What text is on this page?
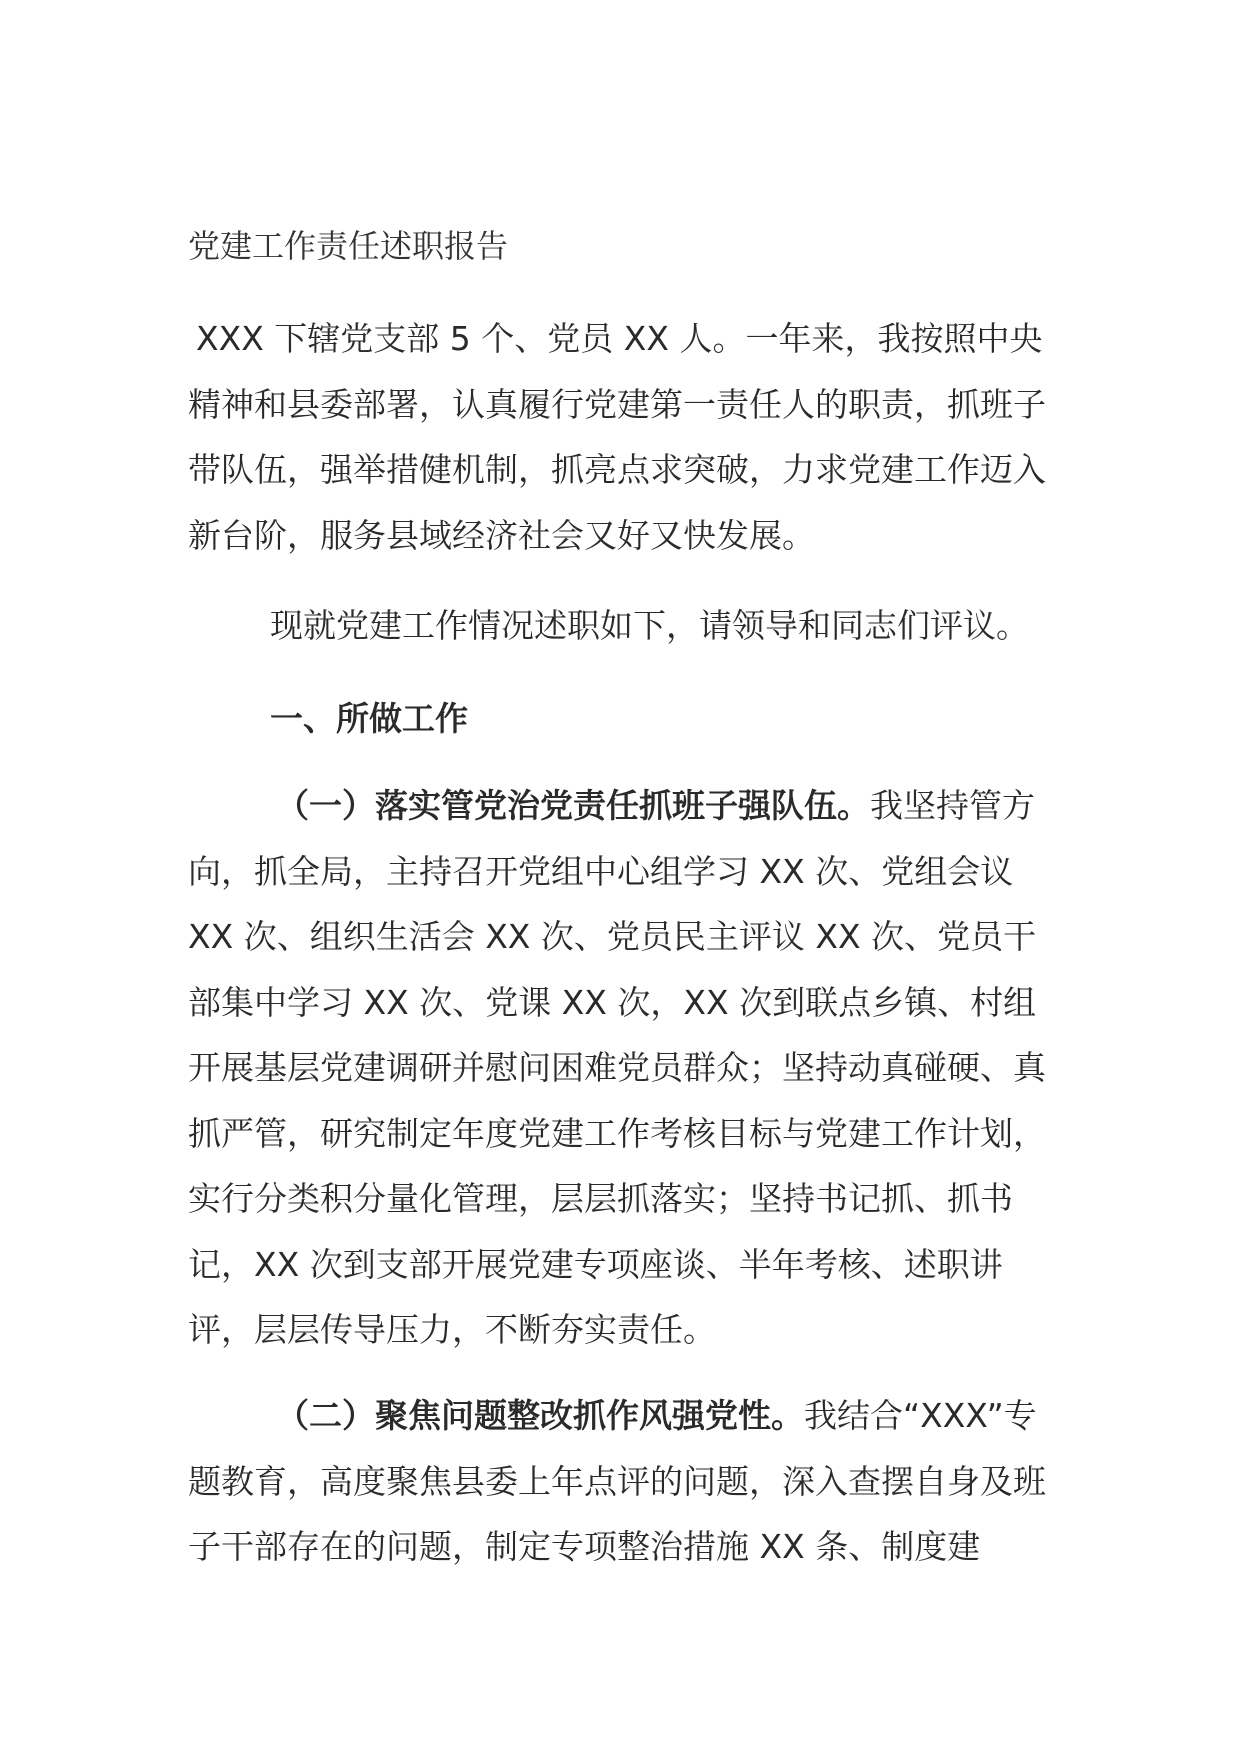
党建工作责任述职报告

XXX 下辖党支部 5 个、党员 XX 人。一年来，我按照中央精神和县委部署，认真履行党建第一责任人的职责，抓班子带队伍，强举措健机制，抓亮点求突破，力求党建工作迈入新台阶，服务县域经济社会又好又快发展。

现就党建工作情况述职如下，请领导和同志们评议。

一、所做工作

（一）落实管党治党责任抓班子强队伍。我坚持管方向，抓全局，主持召开党组中心组学习 XX 次、党组会议 XX 次、组织生活会 XX 次、党员民主评议 XX 次、党员干部集中学习 XX 次、党课 XX 次，XX 次到联点乡镇、村组开展基层党建调研并慰问困难党员群众；坚持动真碰硬、真抓严管，研究制定年度党建工作考核目标与党建工作计划，实行分类积分量化管理，层层抓落实；坚持书记抓、抓书记，XX 次到支部开展党建专项座谈、半年考核、述职讲评，层层传导压力，不断夯实责任。

（二）聚焦问题整改抓作风强党性。我结合“XXX”专题教育，高度聚焦县委上年点评的问题，深入查摆自身及班子干部存在的问题，制定专项整治措施 XX 条、制度建
